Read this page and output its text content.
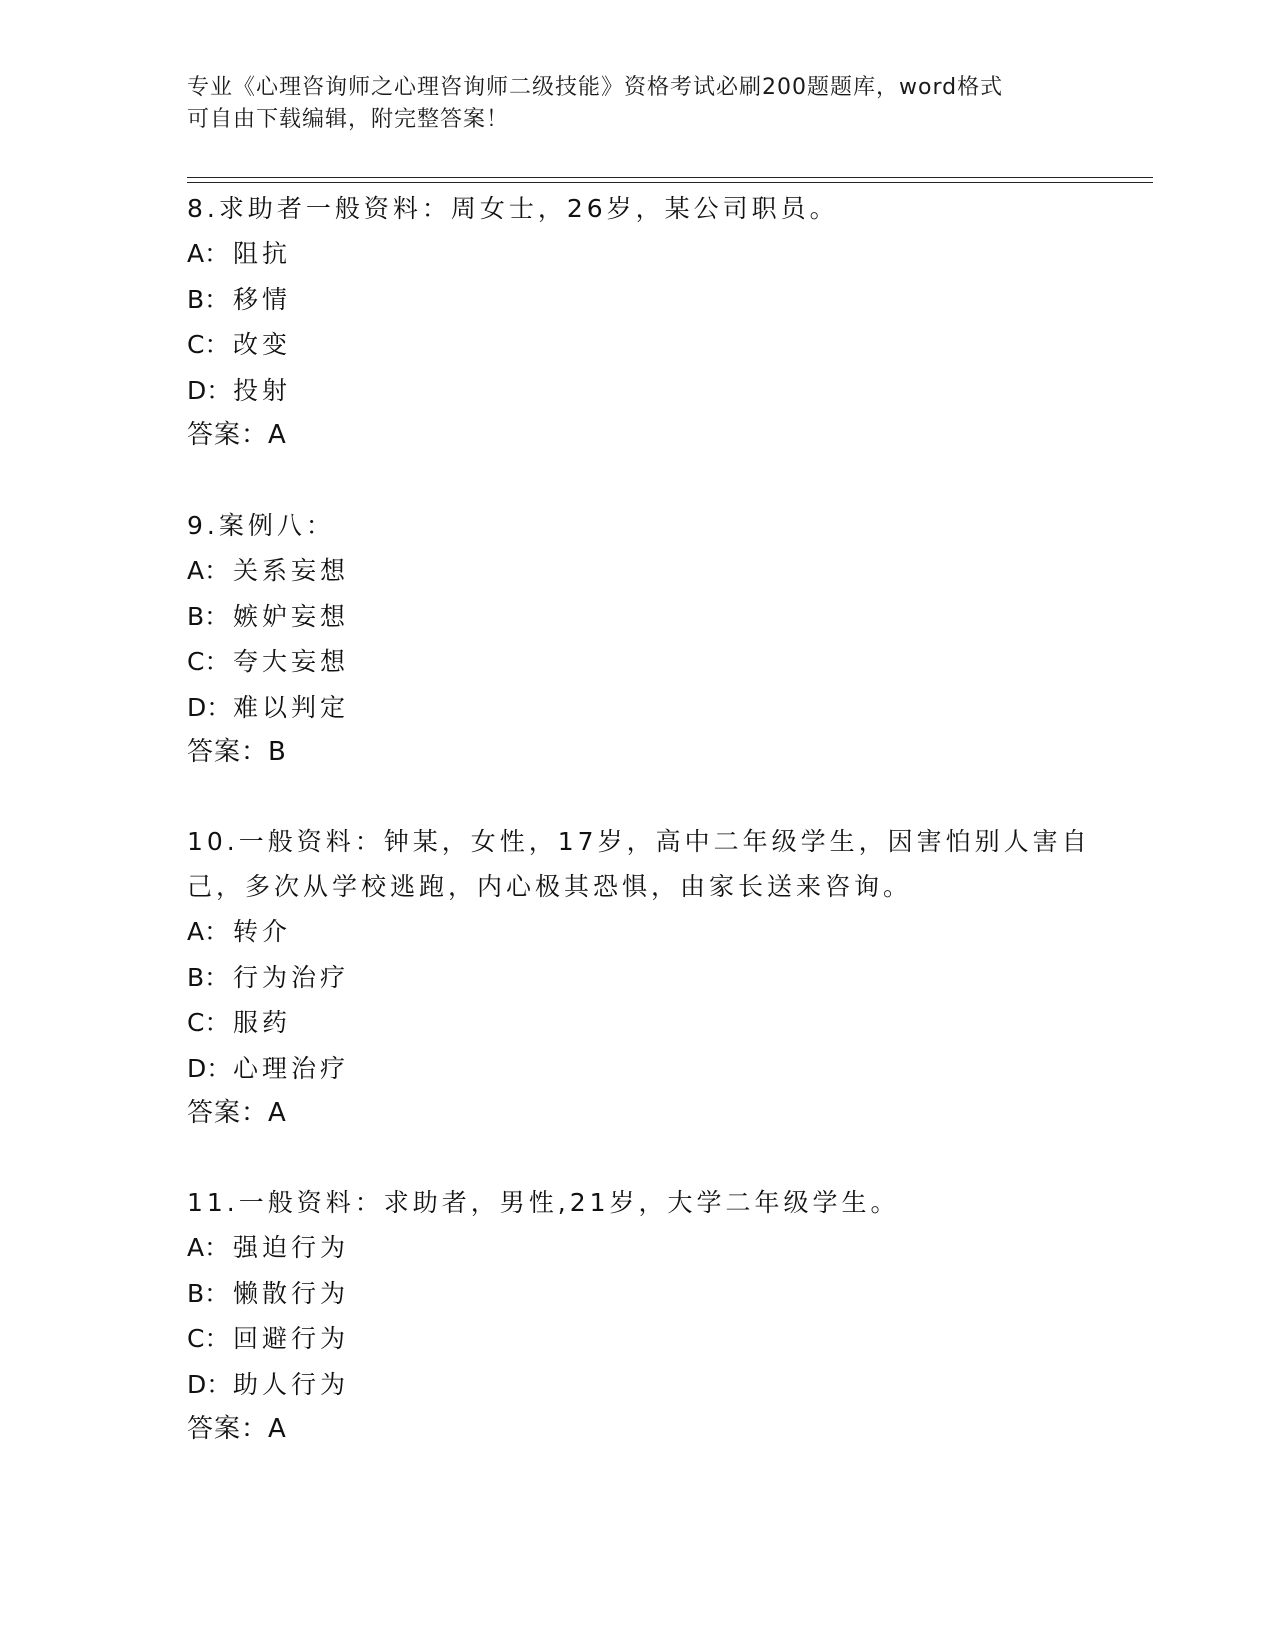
专业《心理咨询师之心理咨询师二级技能》资格考试必刷200题题库，word格式
可自由下载编辑，附完整答案！
8.求助者一般资料：周女士，26岁，某公司职员。
A： 阻抗
B： 移情
C： 改变
D：投射
答案：A
9.案例八：
A： 关系妄想
B： 嫉妒妄想
C： 夸大妄想
D：难以判定
答案：B
10.一般资料：钟某，女性，17岁，高中二年级学生，因害怕别人害自
己，多次从学校逃跑，内心极其恐惧，由家长送来咨询。
A： 转介
B： 行为治疗
C： 服药
D：心理治疗
答案：A
11.一般资料：求助者，男性,21岁，大学二年级学生。
A： 强迫行为
B： 懒散行为
C： 回避行为
D：助人行为
答案：A
